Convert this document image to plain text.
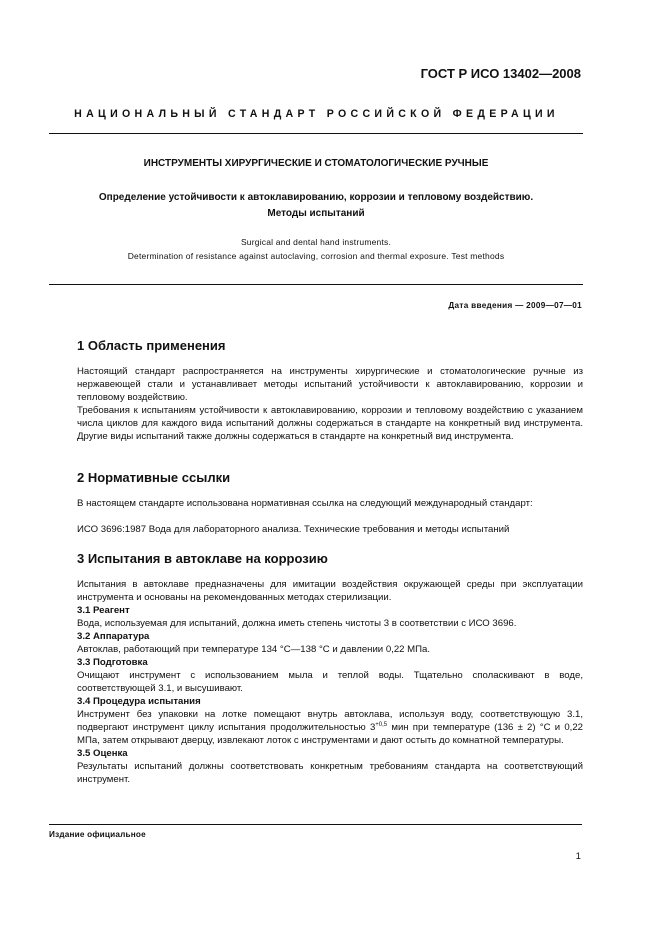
ГОСТ Р ИСО 13402—2008
НАЦИОНАЛЬНЫЙ СТАНДАРТ РОССИЙСКОЙ ФЕДЕРАЦИИ
ИНСТРУМЕНТЫ ХИРУРГИЧЕСКИЕ И СТОМАТОЛОГИЧЕСКИЕ РУЧНЫЕ
Определение устойчивости к автоклавированию, коррозии и тепловому воздействию.
Методы испытаний
Surgical and dental hand instruments.
Determination of resistance against autoclaving, corrosion and thermal exposure. Test methods
Дата введения — 2009—07—01
1 Область применения

Настоящий стандарт распространяется на инструменты хирургические и стоматологические ручные из нержавеющей стали и устанавливает методы испытаний устойчивости к автоклавированию, коррозии и тепловому воздействию.

Требования к испытаниям устойчивости к автоклавированию, коррозии и тепловому воздействию с указанием числа циклов для каждого вида испытаний должны содержаться в стандарте на конкретный вид инструмента. Другие виды испытаний также должны содержаться в стандарте на конкретный вид инструмента.

2 Нормативные ссылки

В настоящем стандарте использована нормативная ссылка на следующий международный стандарт:

ИСО 3696:1987 Вода для лабораторного анализа. Технические требования и методы испытаний
3 Испытания в автоклаве на коррозию

Испытания в автоклаве предназначены для имитации воздействия окружающей среды при эксплуатации инструмента и основаны на рекомендованных методах стерилизации.

3.1 Реагент

Вода, используемая для испытаний, должна иметь степень чистоты 3 в соответствии с ИСО 3696.

3.2 Аппаратура

Автоклав, работающий при температуре 134 °С—138 °С и давлении 0,22 МПа.

3.3 Подготовка

Очищают инструмент с использованием мыла и теплой воды. Тщательно споласкивают в воде, соответствующей 3.1, и высушивают.

3.4 Процедура испытания

Инструмент без упаковки на лотке помещают внутрь автоклава, используя воду, соответствующую 3.1, подвергают инструмент циклу испытания продолжительностью $3^{+0,5}$ мин при температуре (136 ± 2) °С и 0,22 МПа, затем открывают дверцу, извлекают лоток с инструментами и дают остыть до комнатной температуры.

3.5 Оценка

Результаты испытаний должны соответствовать конкретным требованиям стандарта на соответствующий инструмент.

Издание официальное
1
